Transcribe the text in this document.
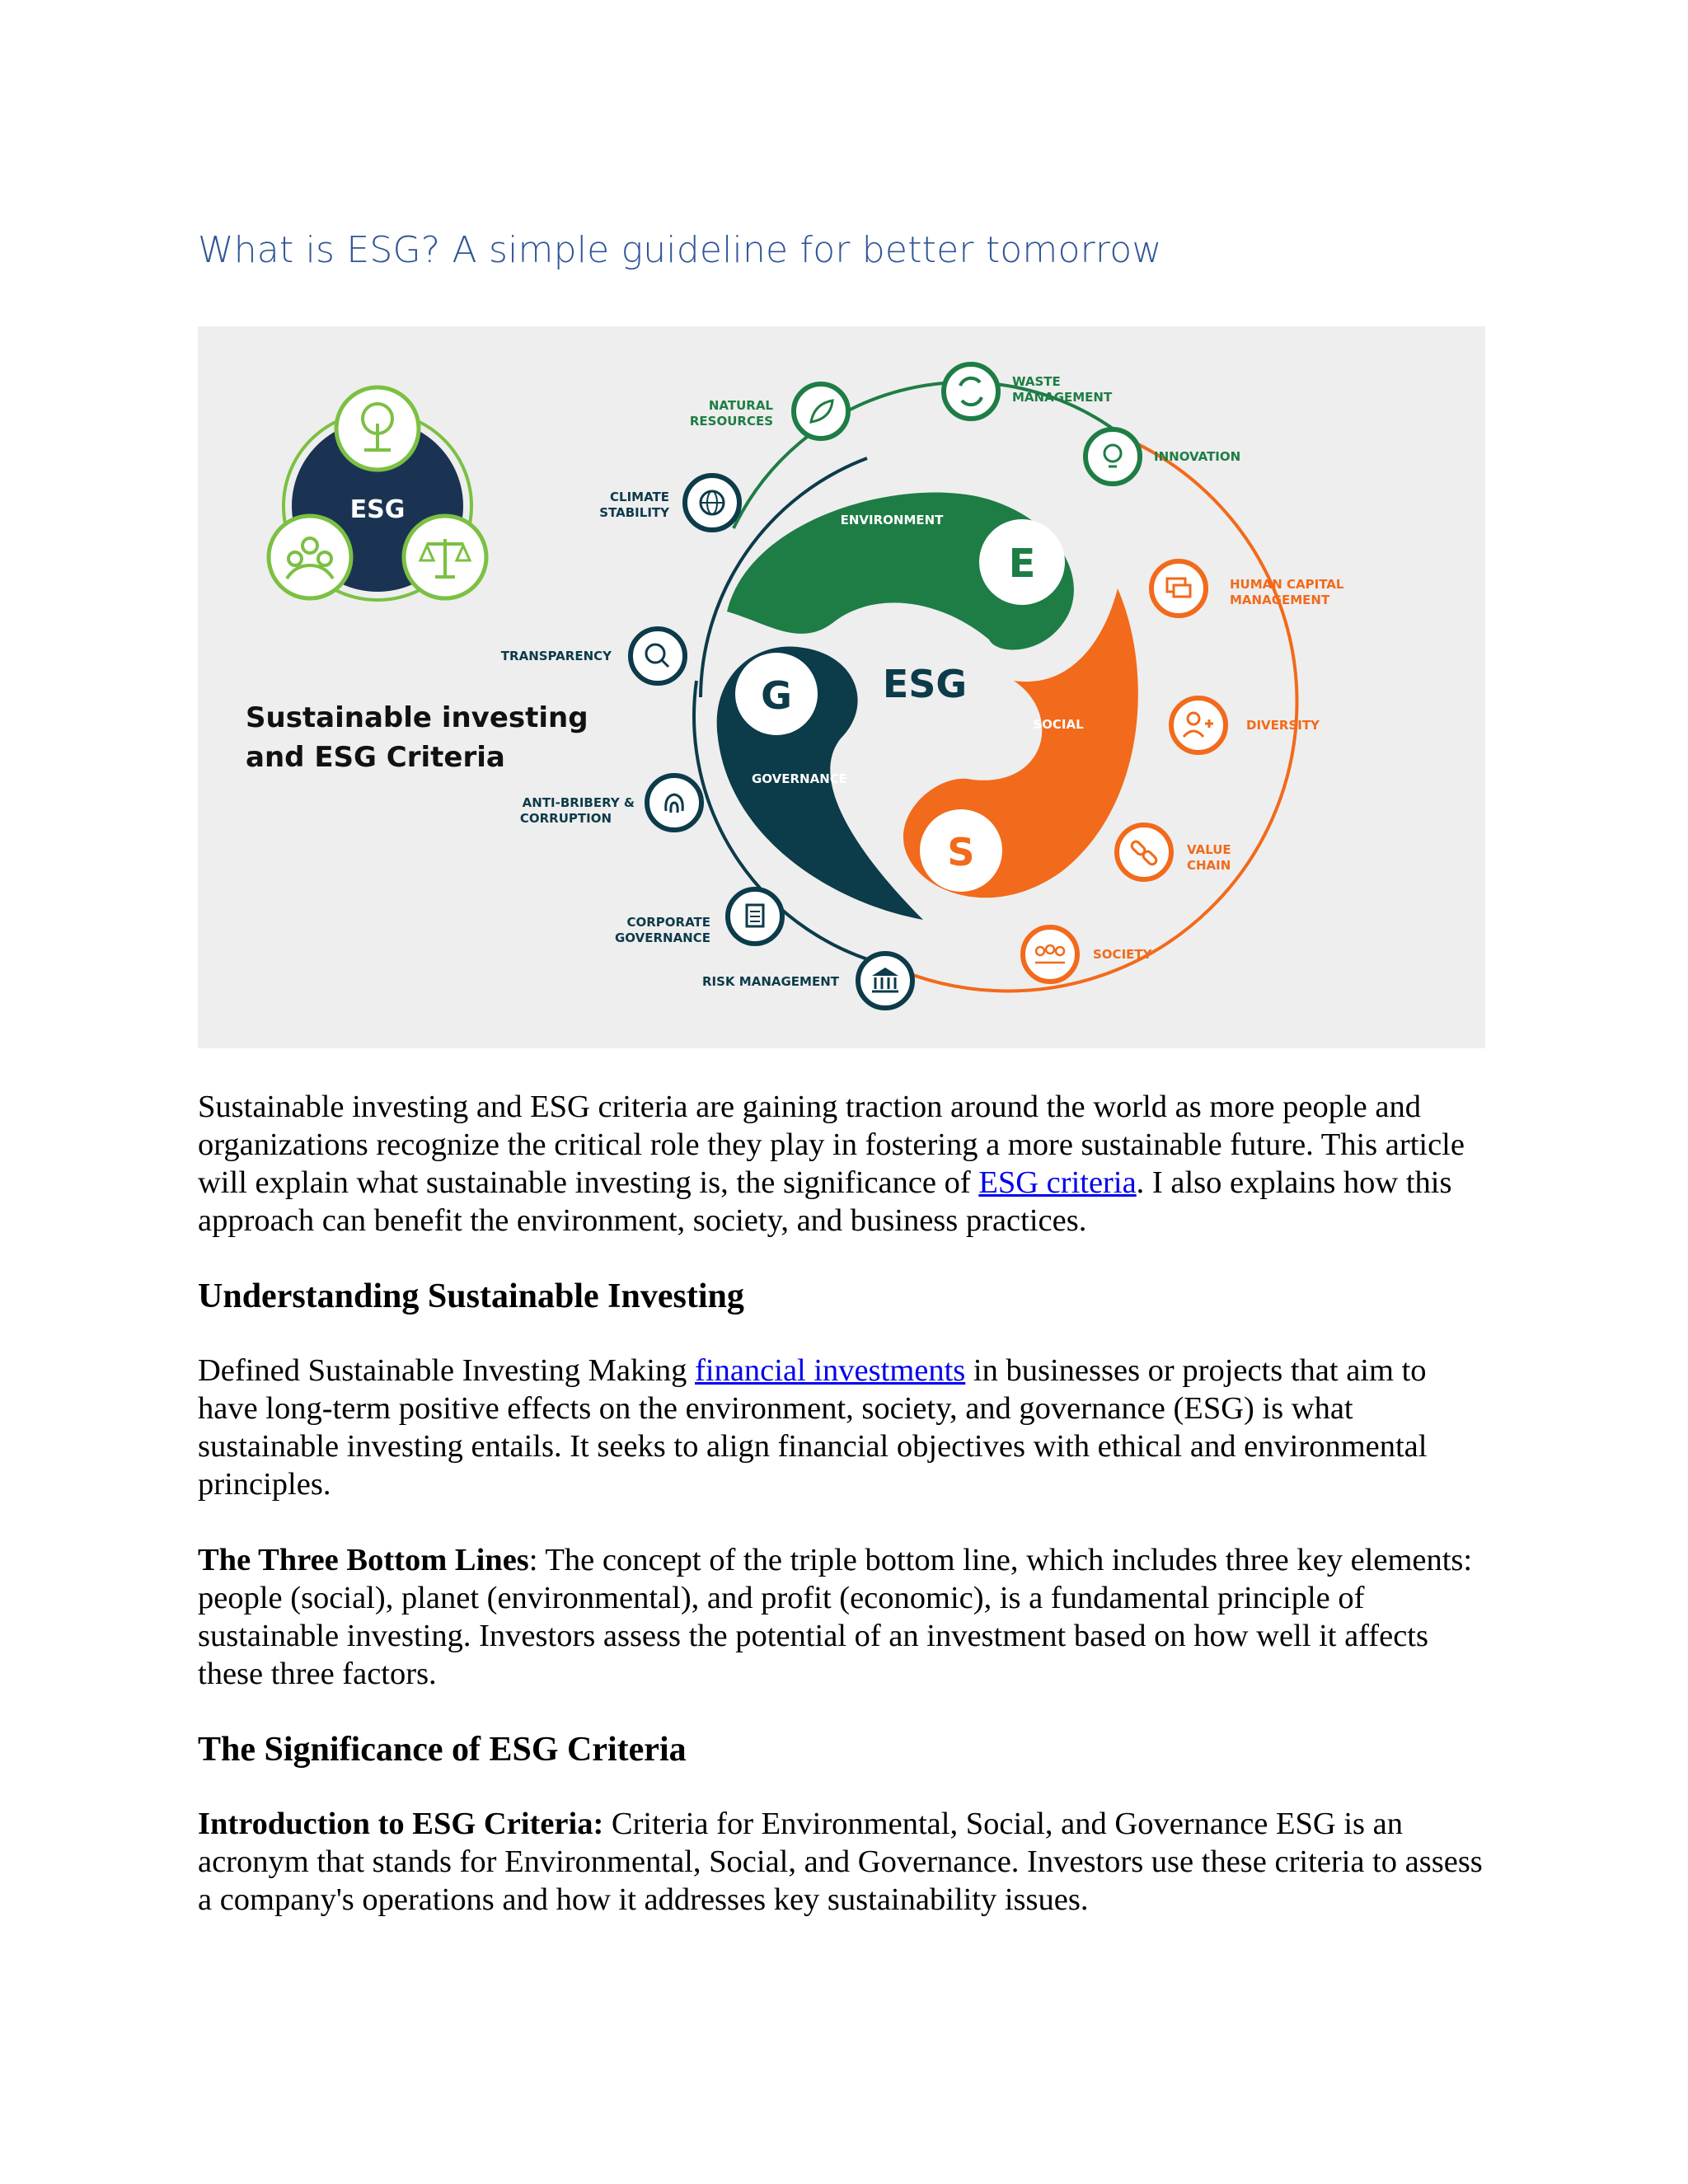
What is ESG? A simple guideline for better tomorrow
ESG
Sustainable investing
and ESG Criteria
E
G
S
ESG
ENVIRONMENT
SOCIAL
GOVERNANCE
WASTE
MANAGEMENT
NATURAL
RESOURCES
INNOVATION
CLIMATE
STABILITY
HUMAN CAPITAL
MANAGEMENT
TRANSPARENCY
DIVERSITY
ANTI-BRIBERY &
CORRUPTION
VALUE
CHAIN
CORPORATE
GOVERNANCE
SOCIETY
RISK MANAGEMENT

Sustainable investing and ESG criteria are gaining traction around the world as more people and organizations recognize the critical role they play in fostering a more sustainable future. This article will explain what sustainable investing is, the significance of ESG criteria. I also explains how this approach can benefit the environment, society, and business practices.

Understanding Sustainable Investing

Defined Sustainable Investing Making financial investments in businesses or projects that aim to have long-term positive effects on the environment, society, and governance (ESG) is what sustainable investing entails. It seeks to align financial objectives with ethical and environmental principles.

The Three Bottom Lines: The concept of the triple bottom line, which includes three key elements: people (social), planet (environmental), and profit (economic), is a fundamental principle of sustainable investing. Investors assess the potential of an investment based on how well it affects these three factors.

The Significance of ESG Criteria

Introduction to ESG Criteria: Criteria for Environmental, Social, and Governance ESG is an acronym that stands for Environmental, Social, and Governance. Investors use these criteria to assess a company's operations and how it addresses key sustainability issues.
